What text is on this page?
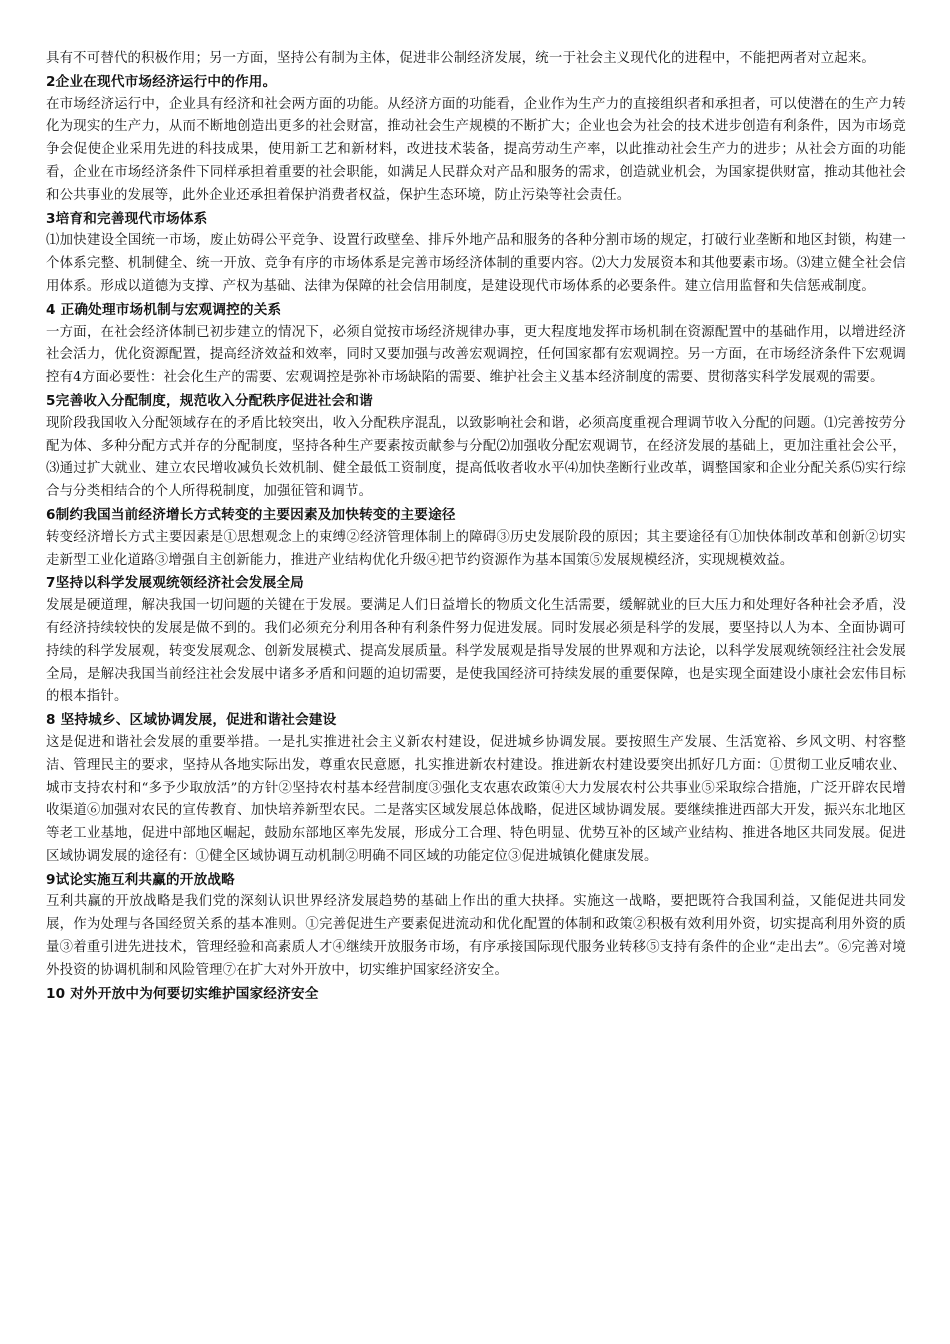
具有不可替代的积极作用；另一方面，坚持公有制为主体，促进非公制经济发展，统一于社会主义现代化的进程中，不能把两者对立起来。

2企业在现代市场经济运行中的作用。

在市场经济运行中，企业具有经济和社会两方面的功能。从经济方面的功能看，企业作为生产力的直接组织者和承担者，可以使潜在的生产力转化为现实的生产力，从而不断地创造出更多的社会财富，推动社会生产规模的不断扩大；企业也会为社会的技术进步创造有利条件，因为市场竞争会促使企业采用先进的科技成果，使用新工艺和新材料，改进技术装备，提高劳动生产率，以此推动社会生产力的进步；从社会方面的功能看，企业在市场经济条件下同样承担着重要的社会职能，如满足人民群众对产品和服务的需求，创造就业机会，为国家提供财富，推动其他社会和公共事业的发展等，此外企业还承担着保护消费者权益，保护生态环境，防止污染等社会责任。

3培育和完善现代市场体系

⑴加快建设全国统一市场，废止妨碍公平竞争、设置行政壁垒、排斥外地产品和服务的各种分割市场的规定，打破行业垄断和地区封锁，构建一个体系完整、机制健全、统一开放、竞争有序的市场体系是完善市场经济体制的重要内容。⑵大力发展资本和其他要素市场。⑶建立健全社会信用体系。形成以道德为支撑、产权为基础、法律为保障的社会信用制度，是建设现代市场体系的必要条件。建立信用监督和失信惩戒制度。

4 正确处理市场机制与宏观调控的关系

一方面，在社会经济体制已初步建立的情况下，必须自觉按市场经济规律办事，更大程度地发挥市场机制在资源配置中的基础作用，以增进经济社会活力，优化资源配置，提高经济效益和效率，同时又要加强与改善宏观调控，任何国家都有宏观调控。另一方面，在市场经济条件下宏观调控有4方面必要性：社会化生产的需要、宏观调控是弥补市场缺陷的需要、维护社会主义基本经济制度的需要、贯彻落实科学发展观的需要。

5完善收入分配制度，规范收入分配秩序促进社会和谐

现阶段我国收入分配领域存在的矛盾比较突出，收入分配秩序混乱，以致影响社会和谐，必须高度重视合理调节收入分配的问题。⑴完善按劳分配为体、多种分配方式并存的分配制度，坚持各种生产要素按贡献参与分配⑵加强收分配宏观调节，在经济发展的基础上，更加注重社会公平，⑶通过扩大就业、建立农民增收减负长效机制、健全最低工资制度，提高低收者收水平⑷加快垄断行业改革，调整国家和企业分配关系⑸实行综合与分类相结合的个人所得税制度，加强征管和调节。

6制约我国当前经济增长方式转变的主要因素及加快转变的主要途径

转变经济增长方式主要因素是①思想观念上的束缚②经济管理体制上的障碍③历史发展阶段的原因；其主要途径有①加快体制改革和创新②切实走新型工业化道路③增强自主创新能力，推进产业结构优化升级④把节约资源作为基本国策⑤发展规模经济，实现规模效益。

7坚持以科学发展观统领经济社会发展全局

发展是硬道理，解决我国一切问题的关键在于发展。要满足人们日益增长的物质文化生活需要，缓解就业的巨大压力和处理好各种社会矛盾，没有经济持续较快的发展是做不到的。我们必须充分利用各种有利条件努力促进发展。同时发展必须是科学的发展，要坚持以人为本、全面协调可持续的科学发展观，转变发展观念、创新发展模式、提高发展质量。科学发展观是指导发展的世界观和方法论，以科学发展观统领经注社会发展全局，是解决我国当前经注社会发展中诸多矛盾和问题的迫切需要，是使我国经济可持续发展的重要保障，也是实现全面建设小康社会宏伟目标的根本指针。

8 坚持城乡、区域协调发展，促进和谐社会建设

这是促进和谐社会发展的重要举措。一是扎实推进社会主义新农村建设，促进城乡协调发展。要按照生产发展、生活宽裕、乡风文明、村容整洁、管理民主的要求，坚持从各地实际出发，尊重农民意愿，扎实推进新农村建设。推进新农村建设要突出抓好几方面：①贯彻工业反哺农业、城市支持农村和“多予少取放活”的方针②坚持农村基本经营制度③强化支农惠农政策④大力发展农村公共事业⑤采取综合措施，广泛开辟农民增收渠道⑥加强对农民的宣传教育、加快培养新型农民。二是落实区域发展总体战略，促进区域协调发展。要继续推进西部大开发，振兴东北地区等老工业基地，促进中部地区崛起，鼓励东部地区率先发展，形成分工合理、特色明显、优势互补的区域产业结构、推进各地区共同发展。促进区域协调发展的途径有：①健全区域协调互动机制②明确不同区域的功能定位③促进城镇化健康发展。

9试论实施互利共赢的开放战略

互利共赢的开放战略是我们党的深刻认识世界经济发展趋势的基础上作出的重大抉择。实施这一战略，要把既符合我国利益，又能促进共同发展，作为处理与各国经贸关系的基本准则。①完善促进生产要素促进流动和优化配置的体制和政策②积极有效利用外资，切实提高利用外资的质量③着重引进先进技术，管理经验和高素质人才④继续开放服务市场，有序承接国际现代服务业转移⑤支持有条件的企业“走出去”。⑥完善对境外投资的协调机制和风险管理⑦在扩大对外开放中，切实维护国家经济安全。

10 对外开放中为何要切实维护国家经济安全
